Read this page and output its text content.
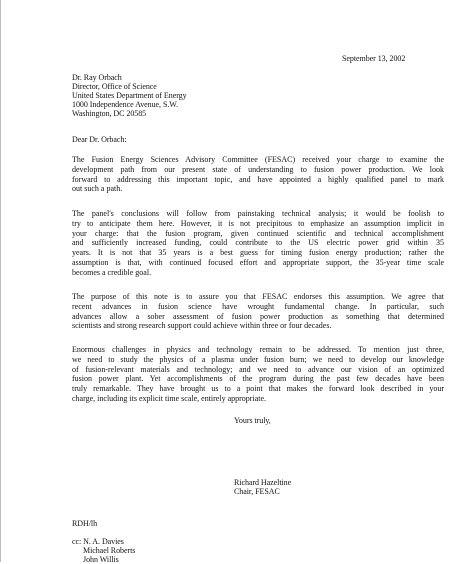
September 13, 2002
Dr. Ray Orbach
Director, Office of Science
United States Department of Energy
1000 Independence Avenue, S.W.
Washington, DC 20585
Dear Dr. Orbach:
The Fusion Energy Sciences Advisory Committee (FESAC) received your charge to examine the
development path from our present state of understanding to fusion power production. We look
forward to addressing this important topic, and have appointed a highly qualified panel to mark
out such a path.
The panel's conclusions will follow from painstaking technical analysis; it would be foolish to
try to anticipate them here. However, it is not precipitous to emphasize an assumption implicit in
your charge: that the fusion program, given continued scientific and technical accomplishment
and sufficiently increased funding, could contribute to the US electric power grid within 35
years. It is not that 35 years is a best guess for timing fusion energy production; rather the
assumption is that, with continued focused effort and appropriate support, the 35-year time scale
becomes a credible goal.
The purpose of this note is to assure you that FESAC endorses this assumption. We agree that
recent advances in fusion science have wrought fundamental change. In particular, such
advances allow a sober assessment of fusion power production as something that determined
scientists and strong research support could achieve within three or four decades.
Enormous challenges in physics and technology remain to be addressed. To mention just three,
we need to study the physics of a plasma under fusion burn; we need to develop our knowledge
of fusion-relevant materials and technology; and we need to advance our vision of an optimized
fusion power plant. Yet accomplishments of the program during the past few decades have been
truly remarkable. They have brought us to a point that makes the forward look described in your
charge, including its explicit time scale, entirely appropriate.
Yours truly,
Richard Hazeltine
Chair, FESAC
RDH/lh
cc: N. A. Davies
Michael Roberts
John Willis
